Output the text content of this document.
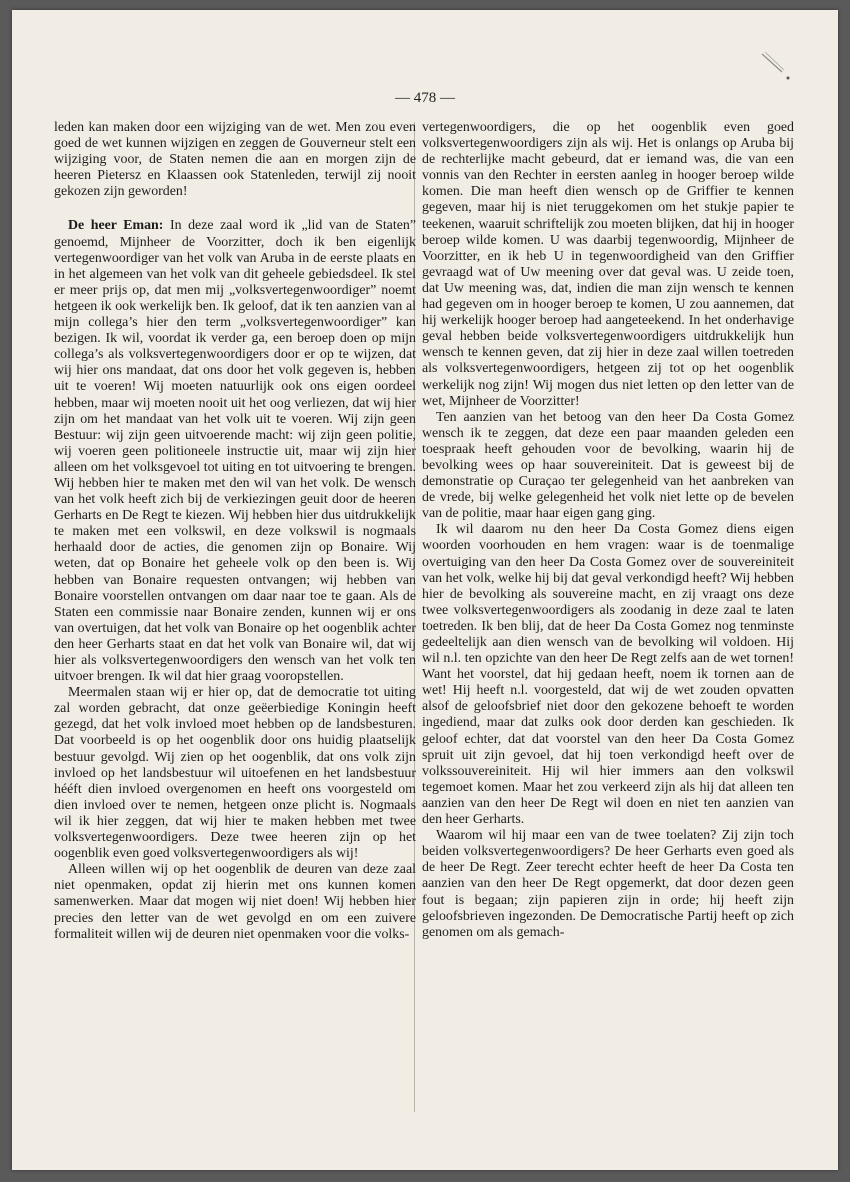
— 478 —

leden kan maken door een wijziging van de wet. Men zou even goed de wet kunnen wijzigen en zeggen de Gouverneur stelt een wijziging voor, de Staten nemen die aan en morgen zijn de heeren Pietersz en Klaassen ook Statenleden, terwijl zij nooit gekozen zijn geworden!

De heer Eman: In deze zaal word ik „lid van de Staten” genoemd, Mijnheer de Voorzitter, doch ik ben eigenlijk vertegenwoordiger van het volk van Aruba in de eerste plaats en in het algemeen van het volk van dit geheele gebiedsdeel. Ik stel er meer prijs op, dat men mij „volksvertegenwoordiger” noemt hetgeen ik ook werkelijk ben. Ik geloof, dat ik ten aanzien van al mijn collega’s hier den term „volksvertegenwoordiger” kan bezigen. Ik wil, voordat ik verder ga, een beroep doen op mijn collega’s als volksvertegenwoordigers door er op te wijzen, dat wij hier ons mandaat, dat ons door het volk gegeven is, hebben uit te voeren! Wij moeten natuurlijk ook ons eigen oordeel hebben, maar wij moeten nooit uit het oog verliezen, dat wij hier zijn om het mandaat van het volk uit te voeren. Wij zijn geen Bestuur: wij zijn geen uitvoerende macht: wij zijn geen politie, wij voeren geen politioneele instructie uit, maar wij zijn hier alleen om het volksgevoel tot uiting en tot uitvoering te brengen. Wij hebben hier te maken met den wil van het volk. De wensch van het volk heeft zich bij de verkiezingen geuit door de heeren Gerharts en De Regt te kiezen. Wij hebben hier dus uitdrukkelijk te maken met een volkswil, en deze volkswil is nogmaals herhaald door de acties, die genomen zijn op Bonaire. Wij weten, dat op Bonaire het geheele volk op den been is. Wij hebben van Bonaire requesten ontvangen; wij hebben van Bonaire voorstellen ontvangen om daar naar toe te gaan. Als de Staten een commissie naar Bonaire zenden, kunnen wij er ons van overtuigen, dat het volk van Bonaire op het oogenblik achter den heer Gerharts staat en dat het volk van Bonaire wil, dat wij hier als volksvertegenwoordigers den wensch van het volk ten uitvoer brengen. Ik wil dat hier graag vooropstellen.

Meermalen staan wij er hier op, dat de democratie tot uiting zal worden gebracht, dat onze geëerbiedige Koningin heeft gezegd, dat het volk invloed moet hebben op de landsbesturen. Dat voorbeeld is op het oogenblik door ons huidig plaatselijk bestuur gevolgd. Wij zien op het oogenblik, dat ons volk zijn invloed op het landsbestuur wil uitoefenen en het landsbestuur hééft dien invloed overgenomen en heeft ons voorgesteld om dien invloed over te nemen, hetgeen onze plicht is. Nogmaals wil ik hier zeggen, dat wij hier te maken hebben met twee volksvertegenwoordigers. Deze twee heeren zijn op het oogenblik even goed volksvertegenwoordigers als wij!

Alleen willen wij op het oogenblik de deuren van deze zaal niet openmaken, opdat zij hierin met ons kunnen komen samenwerken. Maar dat mogen wij niet doen! Wij hebben hier precies den letter van de wet gevolgd en om een zuivere formaliteit willen wij de deuren niet openmaken voor die volks-

vertegenwoordigers, die op het oogenblik even goed volksvertegenwoordigers zijn als wij. Het is onlangs op Aruba bij de rechterlijke macht gebeurd, dat er iemand was, die van een vonnis van den Rechter in eersten aanleg in hooger beroep wilde komen. Die man heeft dien wensch op de Griffier te kennen gegeven, maar hij is niet teruggekomen om het stukje papier te teekenen, waaruit schriftelijk zou moeten blijken, dat hij in hooger beroep wilde komen. U was daarbij tegenwoordig, Mijnheer de Voorzitter, en ik heb U in tegenwoordigheid van den Griffier gevraagd wat of Uw meening over dat geval was. U zeide toen, dat Uw meening was, dat, indien die man zijn wensch te kennen had gegeven om in hooger beroep te komen, U zou aannemen, dat hij werkelijk hooger beroep had aangeteekend. In het onderhavige geval hebben beide volksvertegenwoordigers uitdrukkelijk hun wensch te kennen geven, dat zij hier in deze zaal willen toetreden als volksvertegenwoordigers, hetgeen zij tot op het oogenblik werkelijk nog zijn! Wij mogen dus niet letten op den letter van de wet, Mijnheer de Voorzitter!

Ten aanzien van het betoog van den heer Da Costa Gomez wensch ik te zeggen, dat deze een paar maanden geleden een toespraak heeft gehouden voor de bevolking, waarin hij de bevolking wees op haar souvereiniteit. Dat is geweest bij de demonstratie op Curaçao ter gelegenheid van het aanbreken van de vrede, bij welke gelegenheid het volk niet lette op de bevelen van de politie, maar haar eigen gang ging.

Ik wil daarom nu den heer Da Costa Gomez diens eigen woorden voorhouden en hem vragen: waar is de toenmalige overtuiging van den heer Da Costa Gomez over de souvereiniteit van het volk, welke hij bij dat geval verkondigd heeft? Wij hebben hier de bevolking als souvereine macht, en zij vraagt ons deze twee volksvertegenwoordigers als zoodanig in deze zaal te laten toetreden. Ik ben blij, dat de heer Da Costa Gomez nog tenminste gedeeltelijk aan dien wensch van de bevolking wil voldoen. Hij wil n.l. ten opzichte van den heer De Regt zelfs aan de wet tornen! Want het voorstel, dat hij gedaan heeft, noem ik tornen aan de wet! Hij heeft n.l. voorgesteld, dat wij de wet zouden opvatten alsof de geloofsbrief niet door den gekozene behoeft te worden ingediend, maar dat zulks ook door derden kan geschieden. Ik geloof echter, dat dat voorstel van den heer Da Costa Gomez spruit uit zijn gevoel, dat hij toen verkondigd heeft over de volkssouvereiniteit. Hij wil hier immers aan den volkswil tegemoet komen. Maar het zou verkeerd zijn als hij dat alleen ten aanzien van den heer De Regt wil doen en niet ten aanzien van den heer Gerharts.

Waarom wil hij maar een van de twee toelaten? Zij zijn toch beiden volksvertegenwoordigers? De heer Gerharts even goed als de heer De Regt. Zeer terecht echter heeft de heer Da Costa ten aanzien van den heer De Regt opgemerkt, dat door dezen geen fout is begaan; zijn papieren zijn in orde; hij heeft zijn geloofsbrieven ingezonden. De Democratische Partij heeft op zich genomen om als gemach-
